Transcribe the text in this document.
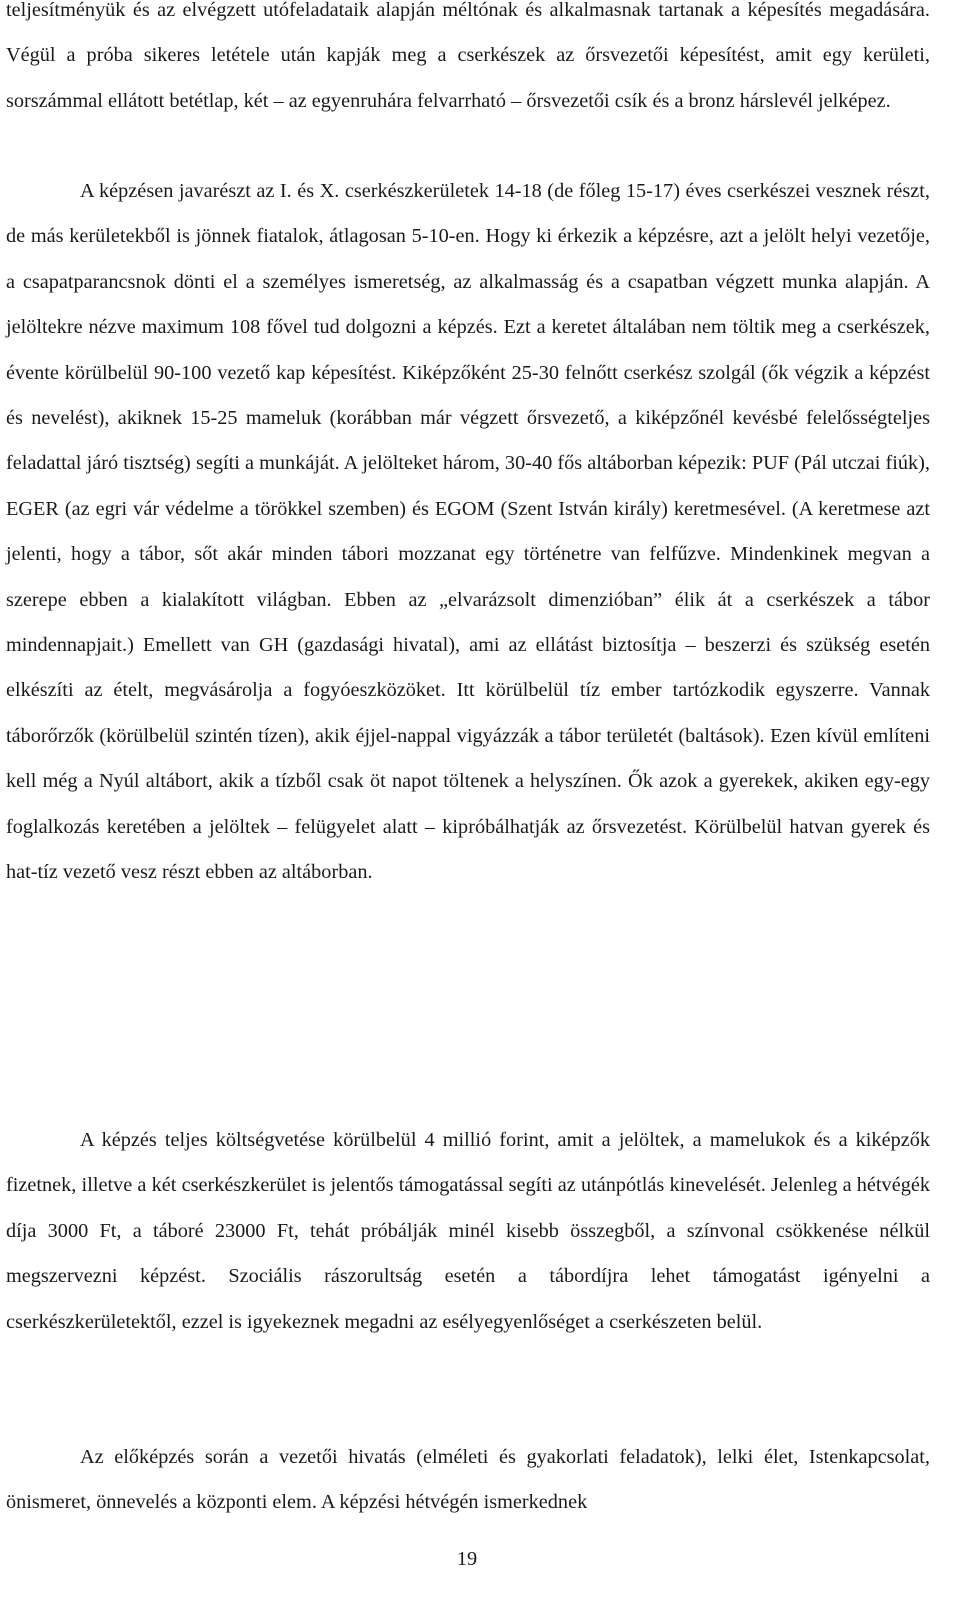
teljesítményük és az elvégzett utófeladataik alapján méltónak és alkalmasnak tartanak a képesítés megadására. Végül a próba sikeres letétele után kapják meg a cserkészek az őrsvezetői képesítést, amit egy kerületi, sorszámmal ellátott betétlap, két – az egyenruhára felvarrható – őrsvezetői csík és a bronz hárslevél jelképez.

A képzésen javarészt az I. és X. cserkészkerületek 14-18 (de főleg 15-17) éves cserkészei vesznek részt, de más kerületekből is jönnek fiatalok, átlagosan 5-10-en. Hogy ki érkezik a képzésre, azt a jelölt helyi vezetője, a csapatparancsnok dönti el a személyes ismeretség, az alkalmasság és a csapatban végzett munka alapján. A jelöltekre nézve maximum 108 fővel tud dolgozni a képzés. Ezt a keretet általában nem töltik meg a cserkészek, évente körülbelül 90-100 vezető kap képesítést. Kiképzőként 25-30 felnőtt cserkész szolgál (ők végzik a képzést és nevelést), akiknek 15-25 mameluk (korábban már végzett őrsvezető, a kiképzőnél kevésbé felelősségteljes feladattal járó tisztség) segíti a munkáját. A jelölteket három, 30-40 fős altáborban képezik: PUF (Pál utczai fiúk), EGER (az egri vár védelme a törökkel szemben) és EGOM (Szent István király) keretmesével. (A keretmese azt jelenti, hogy a tábor, sőt akár minden tábori mozzanat egy történetre van felfűzve. Mindenkinek megvan a szerepe ebben a kialakított világban. Ebben az „elvarázsolt dimenzióban” élik át a cserkészek a tábor mindennapjait.) Emellett van GH (gazdasági hivatal), ami az ellátást biztosítja – beszerzi és szükség esetén elkészíti az ételt, megvásárolja a fogyóeszközöket. Itt körülbelül tíz ember tartózkodik egyszerre. Vannak táborőrzők (körülbelül szintén tízen), akik éjjel-nappal vigyázzák a tábor területét (baltások). Ezen kívül említeni kell még a Nyúl altábort, akik a tízből csak öt napot töltenek a helyszínen. Ők azok a gyerekek, akiken egy-egy foglalkozás keretében a jelöltek – felügyelet alatt – kipróbálhatják az őrsvezetést. Körülbelül hatvan gyerek és hat-tíz vezető vesz részt ebben az altáborban.

A képzés teljes költségvetése körülbelül 4 millió forint, amit a jelöltek, a mamelukok és a kiképzők fizetnek, illetve a két cserkészkerület is jelentős támogatással segíti az utánpótlás kinevelését. Jelenleg a hétvégék díja 3000 Ft, a táboré 23000 Ft, tehát próbálják minél kisebb összegből, a színvonal csökkenése nélkül megszervezni képzést. Szociális rászorultság esetén a tábordíjra lehet támogatást igényelni a cserkészkerületektől, ezzel is igyekeznek megadni az esélyegyenlőséget a cserkészeten belül.

Az előképzés során a vezetői hivatás (elméleti és gyakorlati feladatok), lelki élet, Istenkapcsolat, önismeret, önnevelés a központi elem. A képzési hétvégén ismerkednek

19
